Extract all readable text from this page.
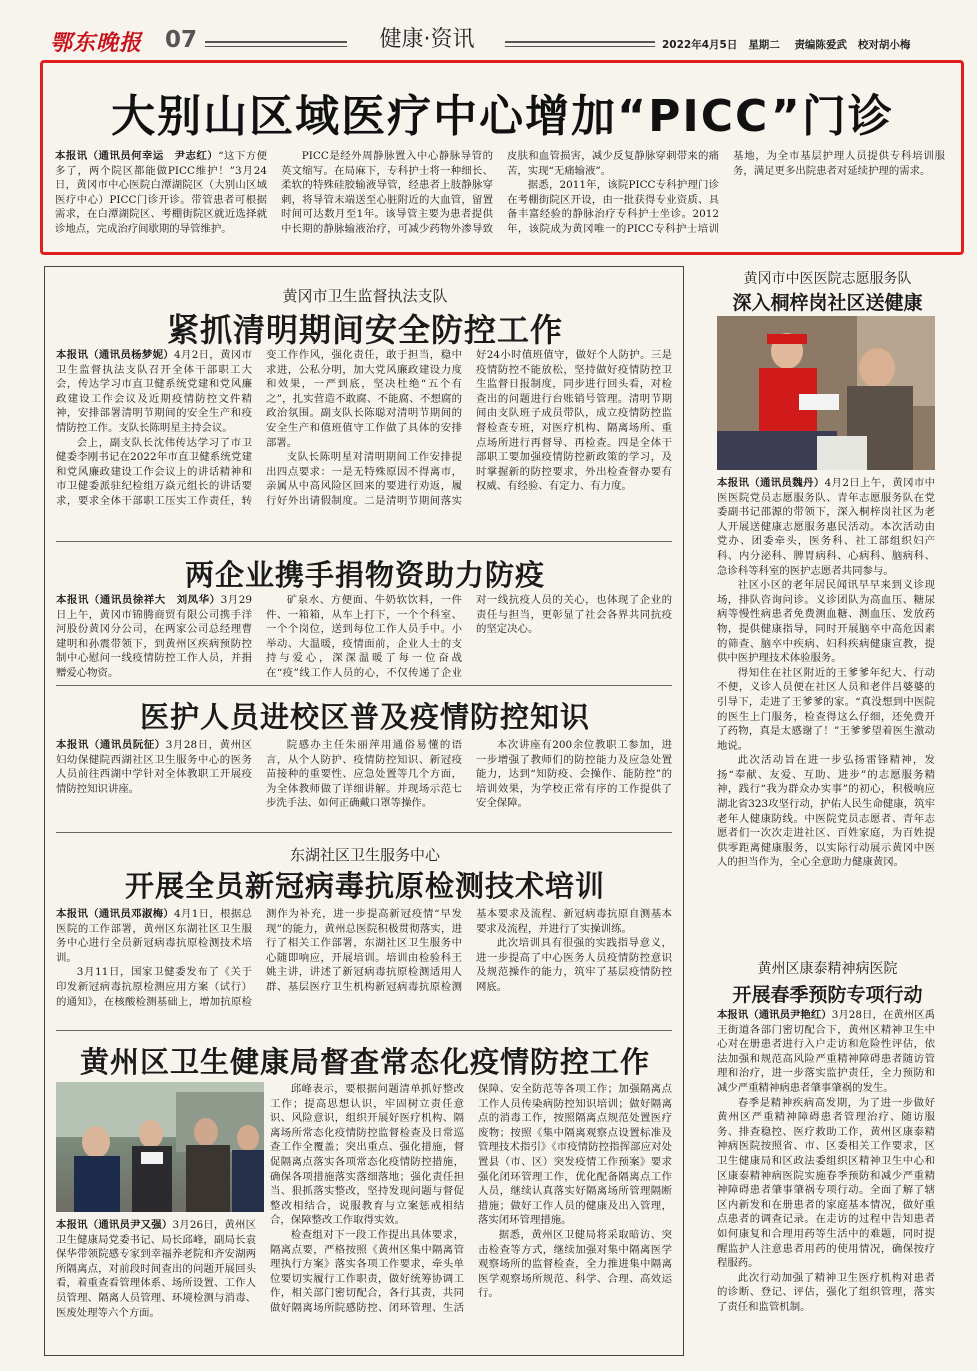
鄂东晚报 07	健康·资讯	2022年4月5日 星期二 责编陈爱武 校对胡小梅
大别山区域医疗中心增加“PICC”门诊

本报讯（通讯员何幸运　尹志红）“这下方便多了，两个院区都能做PICC维护！”3月24日，黄冈市中心医院白潭湖院区（大别山区域医疗中心）PICC门诊开诊。带管患者可根据需求，在白潭湖院区、考棚街院区就近选择就诊地点，完成治疗间歇期的导管维护。

PICC是经外周静脉置入中心静脉导管的英文缩写。在局麻下，专科护士将一种细长、柔软的特殊硅胶输液导管，经患者上肢静脉穿刺，将导管末端送至心脏附近的大血管，留置时间可达数月至1年。该导管主要为患者提供中长期的静脉输液治疗，可减少药物外渗导致皮肤和血管损害，减少反复静脉穿刺带来的痛苦，实现“无痛输液”。

据悉，2011年，该院PICC专科护理门诊在考棚街院区开设，由一批获得专业资质、具备丰富经验的静脉治疗专科护士坐诊。2012年，该院成为黄冈唯一的PICC专科护士培训基地，为全市基层护理人员提供专科培训服务，满足更多出院患者对延续护理的需求。

黄冈市卫生监督执法支队
紧抓清明期间安全防控工作

本报讯（通讯员杨梦妮）4月2日，黄冈市卫生监督执法支队召开全体干部职工大会，传达学习市直卫健系统党建和党风廉政建设工作会议及近期疫情防控文件精神，安排部署清明节期间的安全生产和疫情防控工作。支队长陈明星主持会议。

会上，副支队长沈伟传达学习了市卫健委李刚书记在2022年市直卫健系统党建和党风廉政建设工作会议上的讲话精神和市卫健委派驻纪检组万焱元组长的讲话要求，要求全体干部职工压实工作责任，转变工作作风，强化责任，敢于担当，稳中求进，公私分明，加大党风廉政建设力度和效果，一严到底，坚决杜绝“五个有之”，扎实营造不敢腐、不能腐、不想腐的政治氛围。副支队长陈聪对清明节期间的安全生产和值班值守工作做了具体的安排部署。

支队长陈明星对清明期间工作安排提出四点要求：一是无特殊原因不得离市，亲属从中高风险区回来的要进行劝返，履行好外出请假制度。二是清明节期间落实好24小时值班值守，做好个人防护。三是疫情防控不能放松，坚持做好疫情防控卫生监督日报制度，同步进行回头看，对检查出的问题进行台账销号管理。清明节期间由支队班子成员带队，成立疫情防控监督检查专班，对医疗机构、隔离场所、重点场所进行再督导、再检查。四是全体干部职工要加强疫情防控新政策的学习，及时掌握新的防控要求，外出检查督办要有权威、有经验、有定力、有力度。

两企业携手捐物资助力防疫

本报讯（通讯员徐祥大　刘凤华）3月29日上午，黄冈市锦腾商贸有限公司携手洋河股份黄冈分公司，在两家公司总经理曹建明和孙震带领下，到黄州区疾病预防控制中心慰问一线疫情防控工作人员，并捐赠爱心物资。

矿泉水、方便面、牛奶软饮料，一件件、一箱箱，从车上打下，一个个科室、一个个岗位，送到每位工作人员手中。小举动、大温暖，疫情面前，企业人士的支持与爱心，深深温暖了每一位奋战在“疫”线工作人员的心，不仅传递了企业对一线抗疫人员的关心，也体现了企业的责任与担当，更彰显了社会各界共同抗疫的坚定决心。

医护人员进校区普及疫情防控知识

本报讯（通讯员阮征）3月28日，黄州区妇幼保健院西湖社区卫生服务中心的医务人员前往西湖中学针对全体教职工开展疫情防控知识讲座。

院感办主任朱丽萍用通俗易懂的语言，从个人防护、疫情防控知识、新冠疫苗接种的重要性、应急处置等几个方面，为全体教师做了详细讲解。并现场示范七步洗手法、如何正确戴口罩等操作。

本次讲座有200余位教职工参加，进一步增强了教师们的防控能力及应急处置能力，达到“知防疫、会操作、能防控”的培训效果，为学校正常有序的工作提供了安全保障。

东湖社区卫生服务中心
开展全员新冠病毒抗原检测技术培训

本报讯（通讯员邓淑梅）4月1日，根据总医院的工作部署，黄州区东湖社区卫生服务中心进行全员新冠病毒抗原检测技术培训。

3月11日，国家卫健委发布了《关于印发新冠病毒抗原检测应用方案（试行）的通知》，在核酸检测基础上，增加抗原检测作为补充，进一步提高新冠疫情“早发现”的能力，黄州总医院积极贯彻落实，进行了相关工作部署，东湖社区卫生服务中心随即响应，开展培训。培训由检验科王姚主讲，讲述了新冠病毒抗原检测适用人群、基层医疗卫生机构新冠病毒抗原检测基本要求及流程、新冠病毒抗原自测基本要求及流程，并进行了实操训练。

此次培训具有很强的实践指导意义，进一步提高了中心医务人员疫情防控意识及规范操作的能力，筑牢了基层疫情防控网底。

黄州区卫生健康局督查常态化疫情防控工作

本报讯（通讯员尹又强）3月26日，黄州区卫生健康局党委书记、局长邱峰，副局长袁保华带领院感专家到幸福养老院和齐安湖两所隔离点，对前段时间查出的问题开展回头看，着重查看管理体系、场所设置、工作人员管理、隔离人员管理、环境检测与消毒、医废处理等六个方面。

邱峰表示，要根据问题清单抓好整改工作；提高思想认识，牢固树立责任意识、风险意识，组织开展好医疗机构、隔离场所常态化疫情防控监督检查及日常巡查工作全覆盖；突出重点、强化措施，督促隔离点落实各项常态化疫情防控措施，确保各项措施落实落细落地；强化责任担当、狠抓落实整改，坚持发现问题与督促整改相结合，说服教育与立案惩戒相结合，保障整改工作取得实效。

检查组对下一段工作提出具体要求，隔离点要，严格按照《黄州区集中隔离管理执行方案》落实各项工作要求，牵头单位要切实履行工作职责，做好统筹协调工作，相关部门密切配合，各行其责，共同做好隔离场所院感防控、闭环管理、生活保障、安全防范等各项工作；加强隔离点工作人员传染病防控知识培训；做好隔离点的消毒工作，按照隔离点规范处置医疗废物；按照《集中隔离观察点设置标准及管理技术指引》《市疫情防控指挥部应对处置县（市、区）突发疫情工作预案》要求强化闭环管理工作，优化配备隔离点工作人员，继续认真落实好隔离场所管理隔断措施；做好工作人员的健康及出入管理，落实闭环管理措施。

据悉，黄州区卫健局将采取暗访、突击检查等方式，继续加强对集中隔离医学观察场所的监督检查，全力推进集中隔离医学观察场所规范、科学、合理、高效运行。

黄冈市中医医院志愿服务队
深入桐梓岗社区送健康

本报讯（通讯员魏丹）4月2日上午，黄冈市中医医院党员志愿服务队、青年志愿服务队在党委副书记邵源的带领下，深入桐梓岗社区为老人开展送健康志愿服务惠民活动。本次活动由党办、团委牵头，医务科、社工部组织妇产科、内分泌科、脾胃病科、心病科、脑病科、急诊科等科室的医护志愿者共同参与。

社区小区的老年居民闻讯早早来到义诊现场，排队咨询问诊。义诊团队为高血压、糖尿病等慢性病患者免费测血糖、测血压、发放药物，提供健康指导，同时开展脑卒中高危因素的筛查、脑卒中疾病、妇科疾病健康宣教，提供中医护理技术体验服务。

得知住在社区附近的王爹爹年纪大、行动不便，义诊人员便在社区人员和老伴吕婆婆的引导下，走进了王爹爹的家。“真没想到中医院的医生上门服务，检查得这么仔细，还免费开了药物，真是太感谢了！”王爹爹望着医生激动地说。

此次活动旨在进一步弘扬雷锋精神，发扬“奉献、友爱、互助、进步”的志愿服务精神，践行“我为群众办实事”的初心，积极响应湖北省323攻坚行动，护佑人民生命健康，筑牢老年人健康防线。中医院党员志愿者、青年志愿者们一次次走进社区、百姓家庭，为百姓提供零距离健康服务，以实际行动展示黄冈中医人的担当作为，全心全意助力健康黄冈。

黄州区康泰精神病医院
开展春季预防专项行动

本报讯（通讯员尹艳红）3月28日，在黄州区禹王街道各部门密切配合下，黄州区精神卫生中心对在册患者进行入户走访和危险性评估，依法加强和规范高风险严重精神障碍患者随访管理和治疗，进一步落实监护责任，全力预防和减少严重精神病患者肇事肇祸的发生。

春季是精神疾病高发期，为了进一步做好黄州区严重精神障碍患者管理治疗、随访服务、排查稳控、医疗救助工作，黄州区康泰精神病医院按照省、市、区委相关工作要求，区卫生健康局和区政法委组织区精神卫生中心和区康泰精神病医院实施春季预防和减少严重精神障碍患者肇事肇祸专项行动。全面了解了辖区内新发和在册患者的家庭基本情况，做好重点患者的调查记录。在走访的过程中告知患者如何康复和合理用药等生活中的难题，同时提醒监护人注意患者用药的使用情况，确保按疗程服药。

此次行动加强了精神卫生医疗机构对患者的诊断、登记、评估，强化了组织管理，落实了责任和监管机制。
